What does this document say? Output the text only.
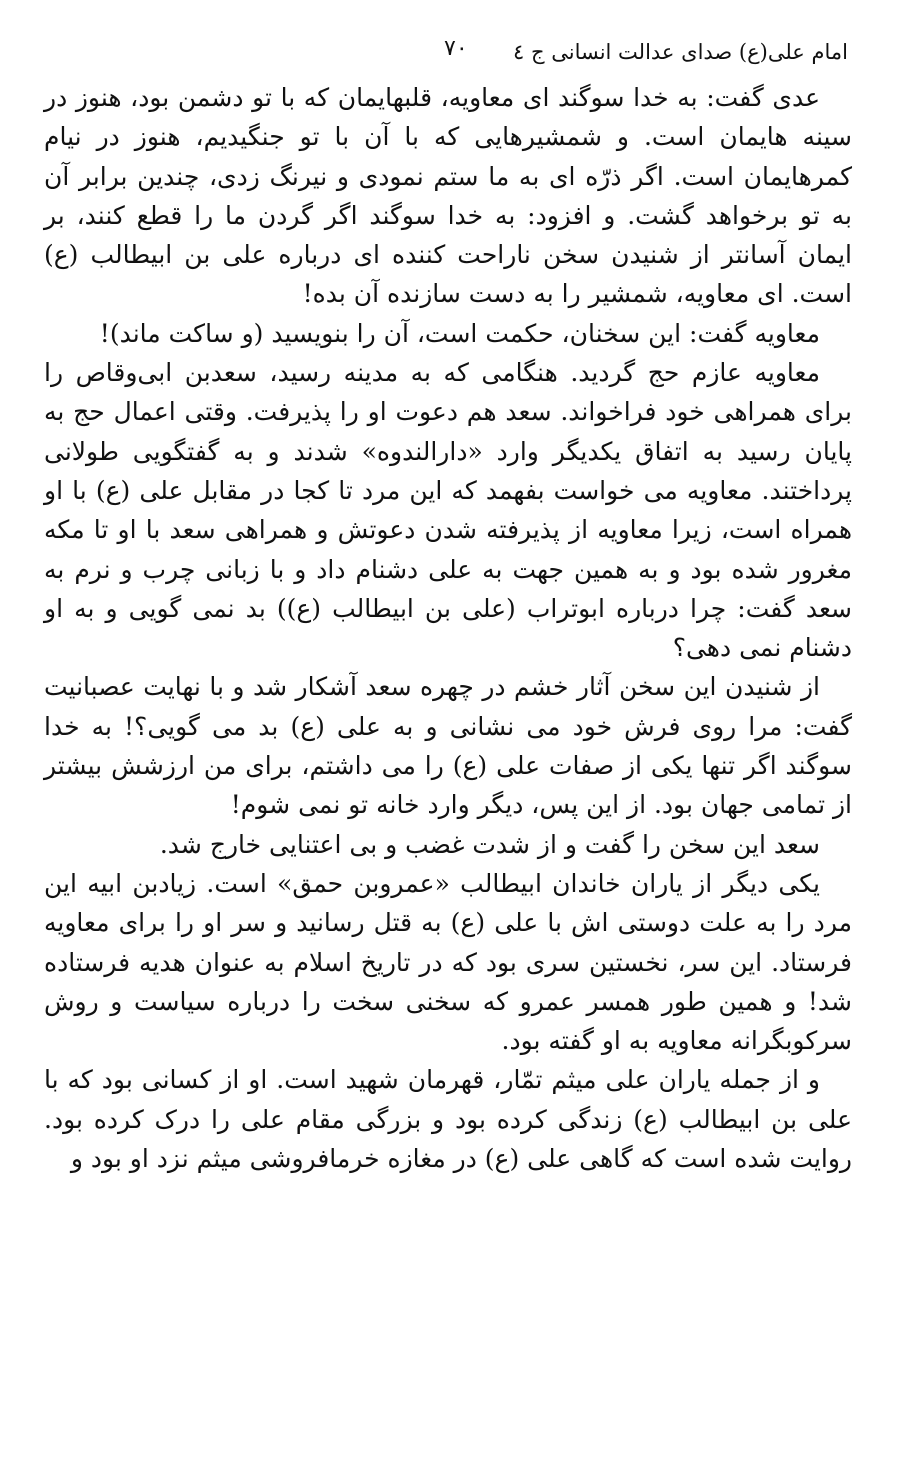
امام علی(ع) صدای عدالت انسانی ج ٤
٧٠

عدی گفت: به خدا سوگند ای معاویه، قلبهایمان که با تو دشمن بود، هنوز در سینه هایمان است. و شمشیرهایی که با آن با تو جنگیدیم، هنوز در نیام کمرهایمان است. اگر ذرّه ای به ما ستم نمودی و نیرنگ زدی، چندین برابر آن به تو برخواهد گشت. و افزود: به خدا سوگند اگر گردن ما را قطع کنند، بر ایمان آسانتر از شنیدن سخن ناراحت کننده ای درباره علی بن ابیطالب (ع) است. ای معاویه، شمشیر را به دست سازنده آن بده!

معاویه گفت: این سخنان، حکمت است، آن را بنویسید (و ساکت ماند)!

معاویه عازم حج گردید. هنگامی که به مدینه رسید، سعدبن ابی‌وقاص را برای همراهی خود فراخواند. سعد هم دعوت او را پذیرفت. وقتی اعمال حج به پایان رسید به اتفاق یکدیگر وارد «دارالندوه» شدند و به گفتگویی طولانی پرداختند. معاویه می خواست بفهمد که این مرد تا کجا در مقابل علی (ع) با او همراه است، زیرا معاویه از پذیرفته شدن دعوتش و همراهی سعد با او تا مکه مغرور شده بود و به همین جهت به علی دشنام داد و با زبانی چرب و نرم به سعد گفت: چرا درباره ابوتراب (علی بن ابیطالب (ع)) بد نمی گویی و به او دشنام نمی دهی؟

از شنیدن این سخن آثار خشم در چهره سعد آشکار شد و با نهایت عصبانیت گفت: مرا روی فرش خود می نشانی و به علی (ع) بد می گویی؟! به خدا سوگند اگر تنها یکی از صفات علی (ع) را می داشتم، برای من ارزشش بیشتر از تمامی جهان بود. از این پس، دیگر وارد خانه تو نمی شوم!

سعد این سخن را گفت و از شدت غضب و بی اعتنایی خارج شد.

یکی دیگر از یاران خاندان ابیطالب «عمروبن حمق» است. زیادبن ابیه این مرد را به علت دوستی اش با علی (ع) به قتل رسانید و سر او را برای معاویه فرستاد. این سر، نخستین سری بود که در تاریخ اسلام به عنوان هدیه فرستاده شد! و همین طور همسر عمرو که سخنی سخت را درباره سیاست و روش سرکوبگرانه معاویه به او گفته بود.

و از جمله یاران علی میثم تمّار، قهرمان شهید است. او از کسانی بود که با علی بن ابیطالب (ع) زندگی کرده بود و بزرگی مقام علی را درک کرده بود. روایت شده است که گاهی علی (ع) در مغازه خرمافروشی میثم نزد او بود و
